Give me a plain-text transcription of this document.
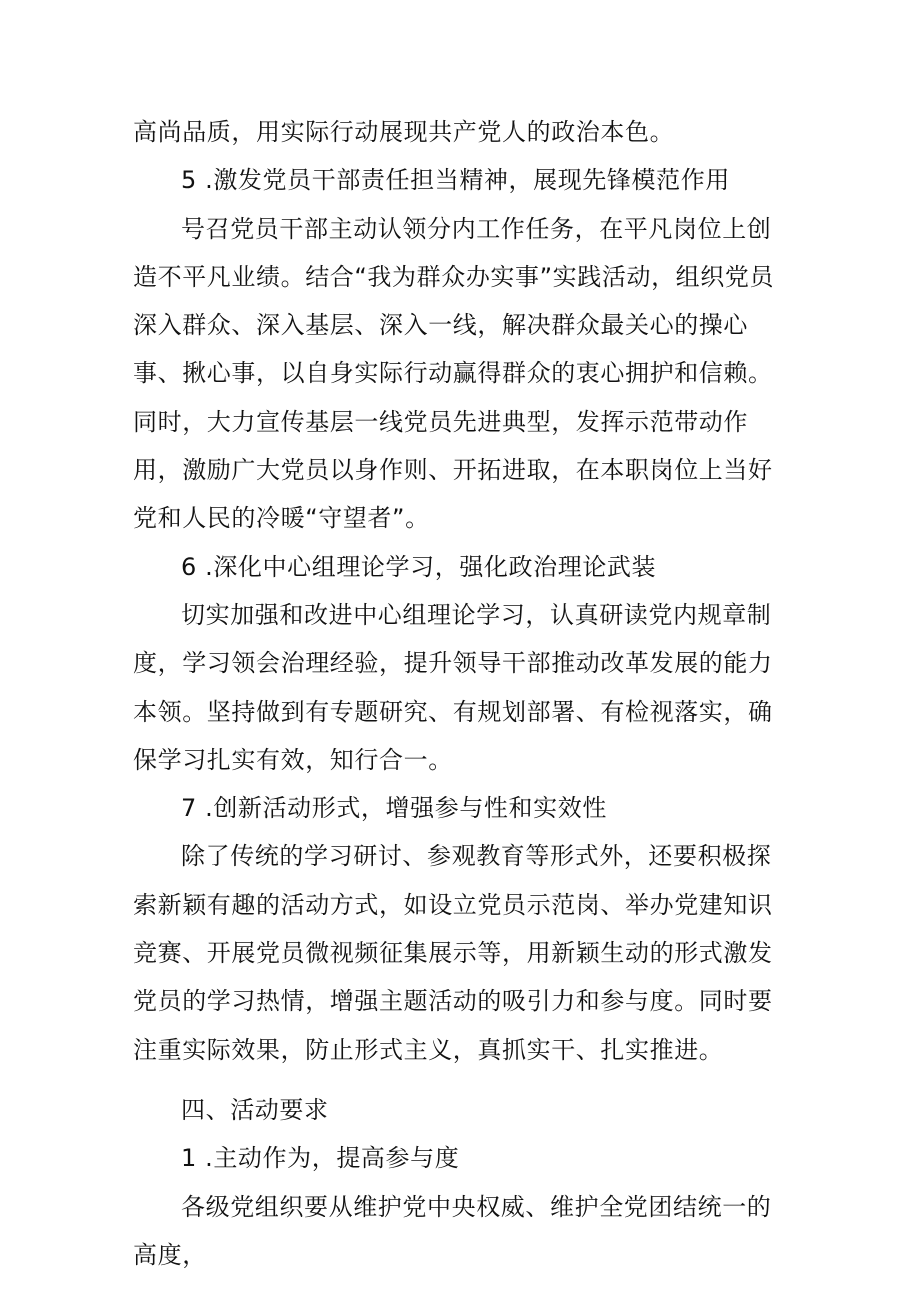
高尚品质，用实际行动展现共产党人的政治本色。

5 .激发党员干部责任担当精神，展现先锋模范作用

号召党员干部主动认领分内工作任务，在平凡岗位上创造不平凡业绩。结合“我为群众办实事”实践活动，组织党员深入群众、深入基层、深入一线，解决群众最关心的操心事、揪心事，以自身实际行动赢得群众的衷心拥护和信赖。同时，大力宣传基层一线党员先进典型，发挥示范带动作用，激励广大党员以身作则、开拓进取，在本职岗位上当好党和人民的冷暖“守望者”。

6 .深化中心组理论学习，强化政治理论武装

切实加强和改进中心组理论学习，认真研读党内规章制度，学习领会治理经验，提升领导干部推动改革发展的能力本领。坚持做到有专题研究、有规划部署、有检视落实，确保学习扎实有效，知行合一。

7 .创新活动形式，增强参与性和实效性

除了传统的学习研讨、参观教育等形式外，还要积极探索新颖有趣的活动方式，如设立党员示范岗、举办党建知识竞赛、开展党员微视频征集展示等，用新颖生动的形式激发党员的学习热情，增强主题活动的吸引力和参与度。同时要注重实际效果，防止形式主义，真抓实干、扎实推进。

四、活动要求

1 .主动作为，提高参与度

各级党组织要从维护党中央权威、维护全党团结统一的高度，
